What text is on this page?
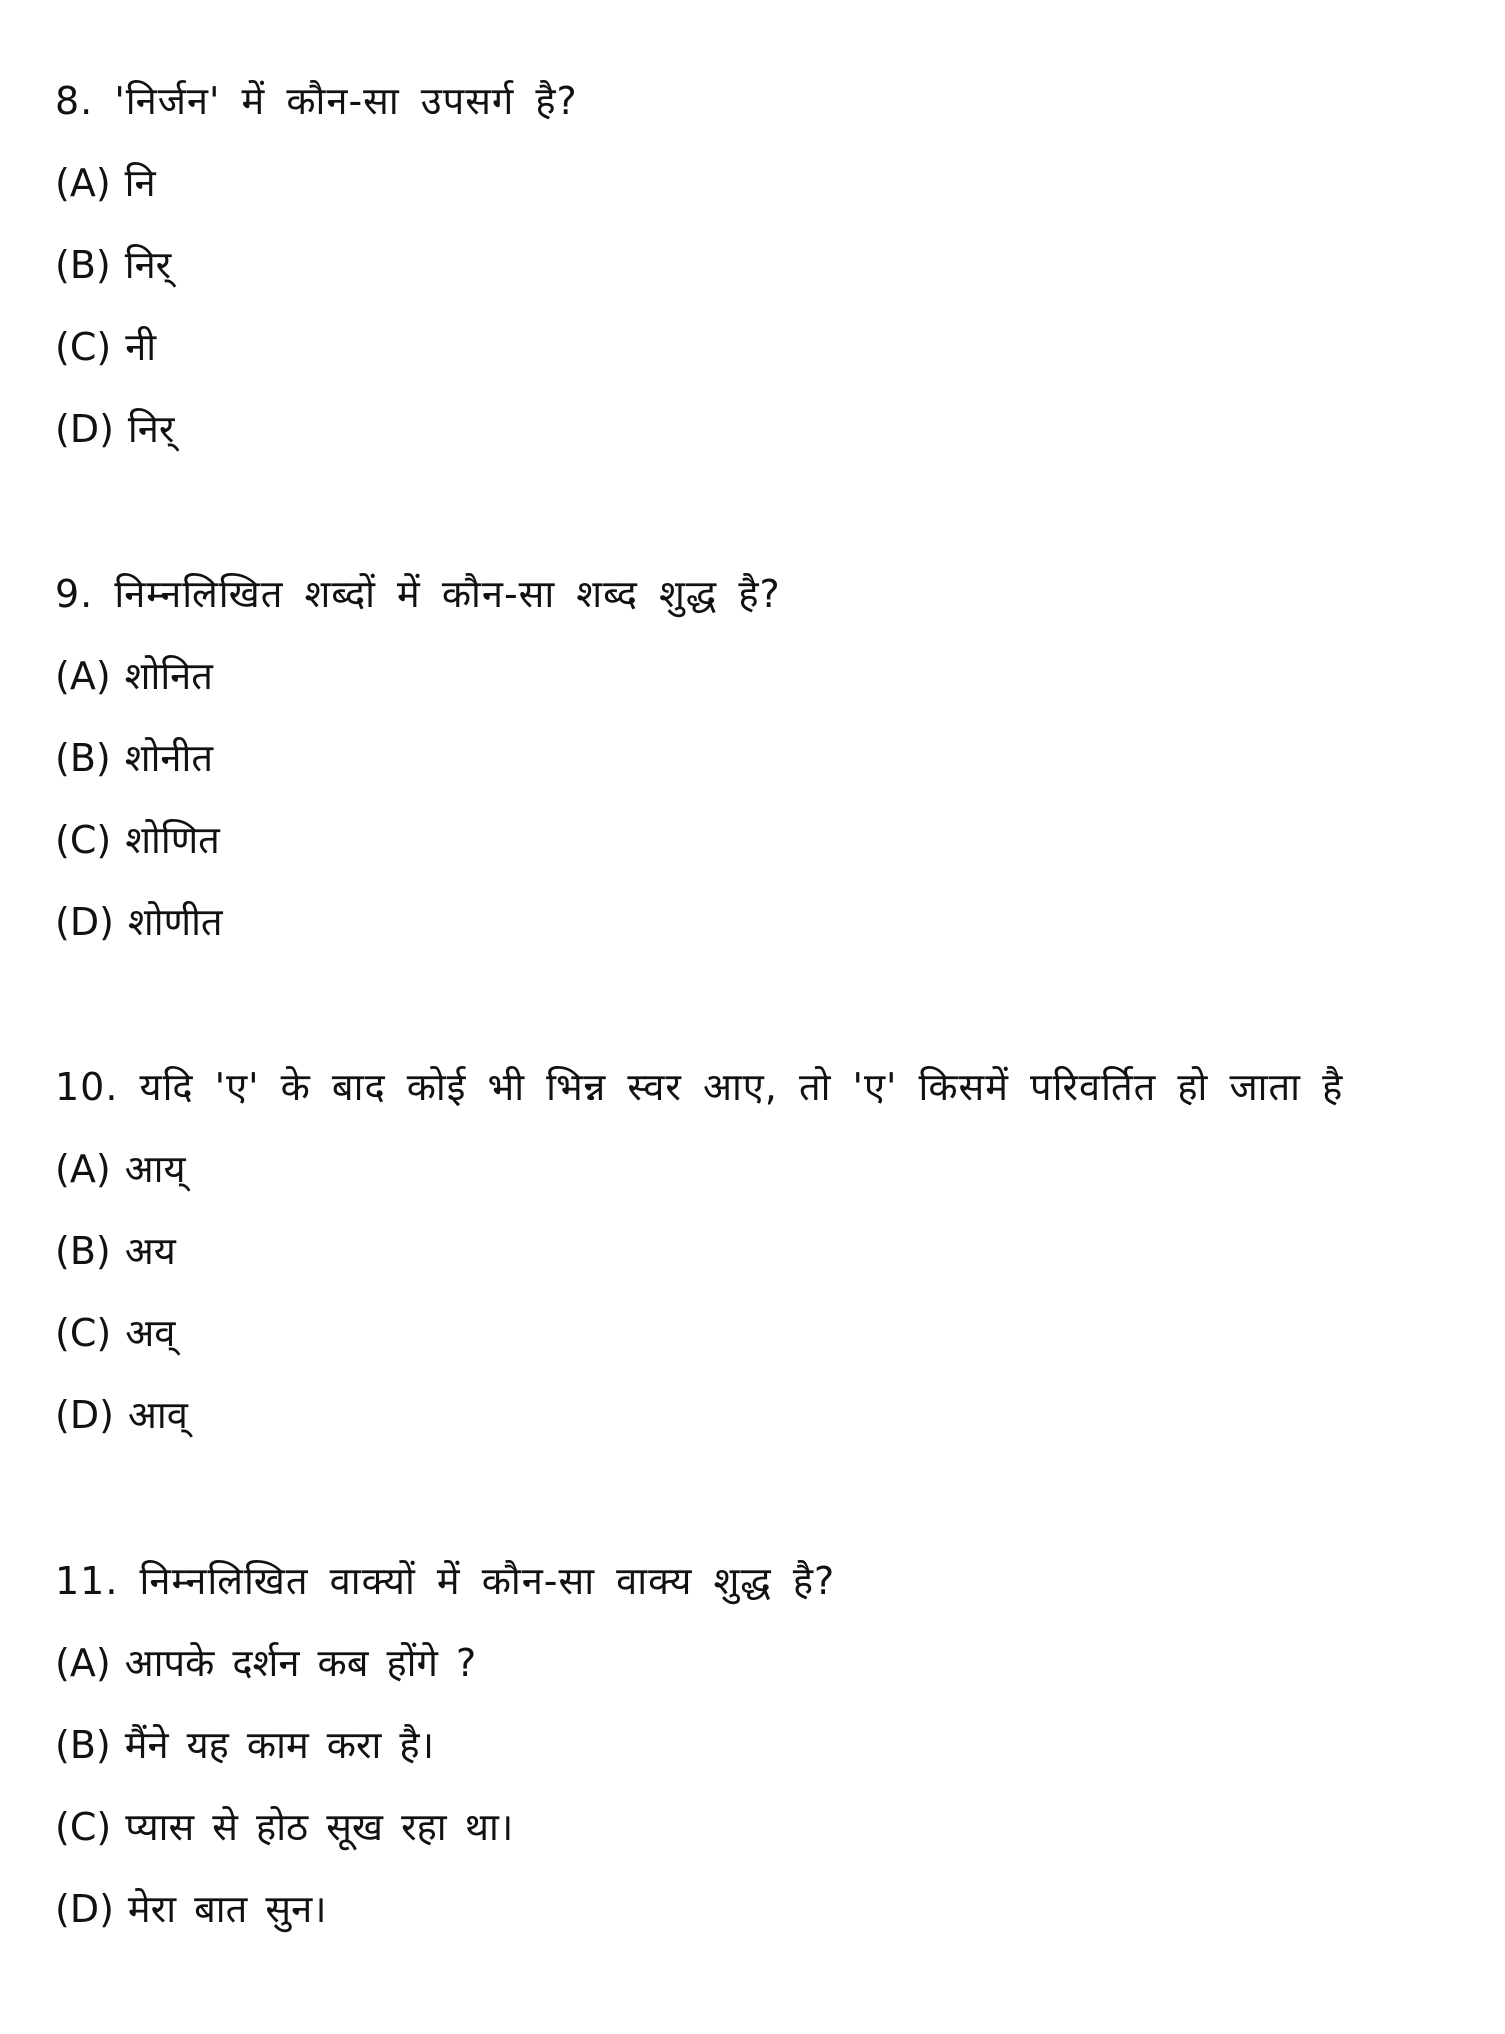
8. 'निर्जन' में कौन-सा उपसर्ग है?
(A) नि
(B) निर्
(C) नी
(D) निर्
9. निम्नलिखित शब्दों में कौन-सा शब्द शुद्ध है?
(A) शोनित
(B) शोनीत
(C) शोणित
(D) शोणीत
10. यदि 'ए' के बाद कोई भी भिन्न स्वर आए, तो 'ए' किसमें परिवर्तित हो जाता है
(A) आय्
(B) अय
(C) अव्
(D) आव्
11. निम्नलिखित वाक्यों में कौन-सा वाक्य शुद्ध है?
(A) आपके दर्शन कब होंगे ?
(B) मैंने यह काम करा है।
(C) प्यास से होठ सूख रहा था।
(D) मेरा बात सुन।
